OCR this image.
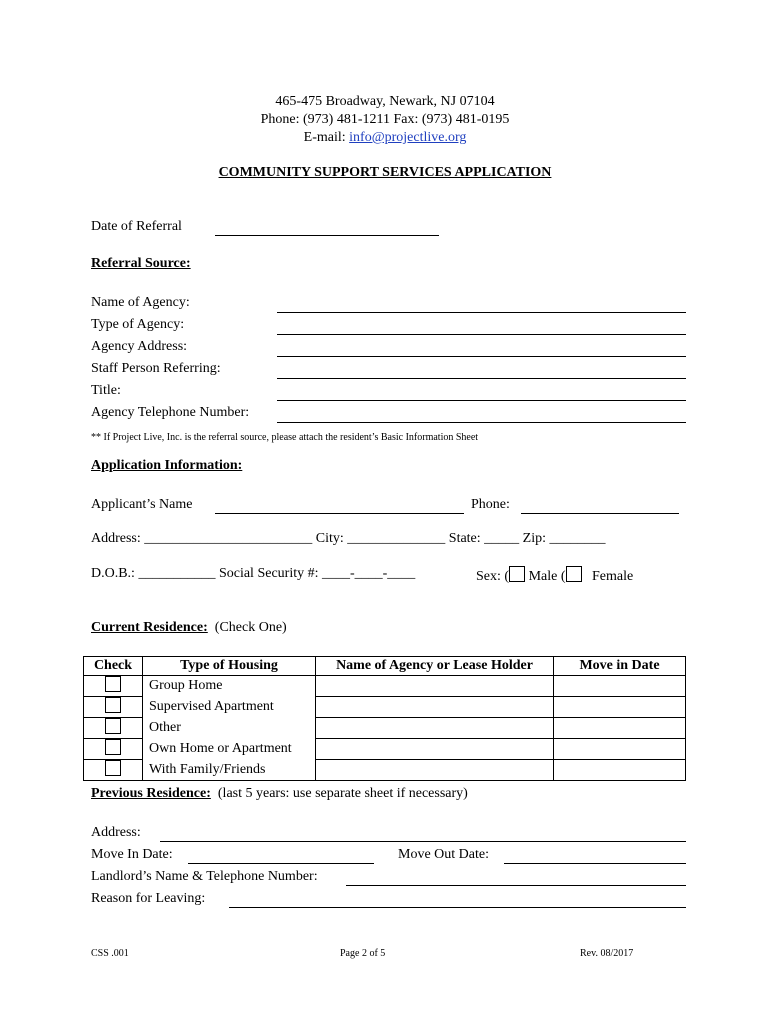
465-475 Broadway, Newark, NJ 07104
Phone: (973) 481-1211 Fax: (973) 481-0195
E-mail: info@projectlive.org
COMMUNITY SUPPORT SERVICES APPLICATION
Date of Referral
Referral Source:
Name of Agency:
Type of Agency:
Agency Address:
Staff Person Referring:
Title:
Agency Telephone Number:
** If Project Live, Inc. is the referral source, please attach the resident’s Basic Information Sheet
Application Information:
Applicant’s Name	Phone:
Address: ________________________ City: ______________ State: _____ Zip: ________
D.O.B.: ___________ Social Security #: ____-____-____	Sex: ( Male ( Female
Current Residence: (Check One)
Check	Type of Housing	Name of Agency or Lease Holder	Move in Date
	Group Home		
	Supervised Apartment		
	Other		
	Own Home or Apartment		
	With Family/Friends		
Previous Residence: (last 5 years: use separate sheet if necessary)
Address:
Move In Date:	Move Out Date:
Landlord’s Name & Telephone Number:
Reason for Leaving:
CSS .001	Page 2 of 5	Rev. 08/2017
